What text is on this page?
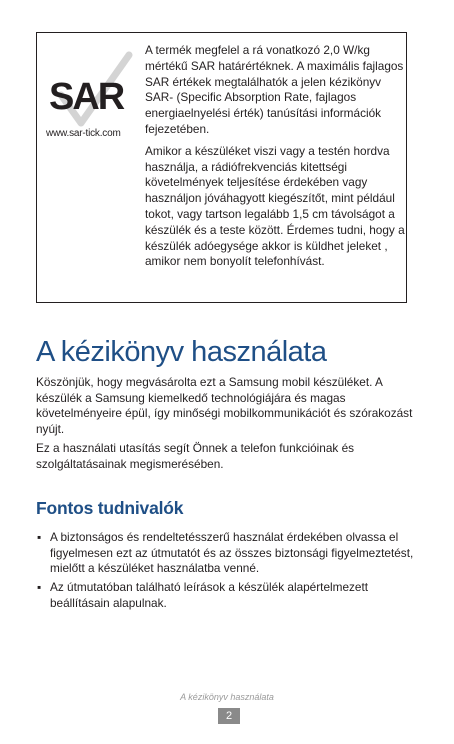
SAR
www.sar-tick.com

A termék megfelel a rá vonatkozó 2,0 W/kg mértékű SAR határértéknek. A maximális fajlagos SAR értékek megtalálhatók a jelen kézikönyv SAR- (Specific Absorption Rate, fajlagos energiaelnyelési érték) tanúsítási információk fejezetében.

Amikor a készüléket viszi vagy a testén hordva használja, a rádiófrekvenciás kitettségi követelmények teljesítése érdekében vagy használjon jóváhagyott kiegészítőt, mint például tokot, vagy tartson legalább 1,5 cm távolságot a készülék és a teste között. Érdemes tudni, hogy a készülék adóegysége akkor is küldhet jeleket , amikor nem bonyolít telefonhívást.

A kézikönyv használata

Köszönjük, hogy megvásárolta ezt a Samsung mobil készüléket. A készülék a Samsung kiemelkedő technológiájára és magas követelményeire épül, így minőségi mobilkommunikációt és szórakozást nyújt.

Ez a használati utasítás segít Önnek a telefon funkcióinak és szolgáltatásainak megismerésében.

Fontos tudnivalók
▪ A biztonságos és rendeltetésszerű használat érdekében olvassa el figyelmesen ezt az útmutatót és az összes biztonsági figyelmeztetést, mielőtt a készüléket használatba venné.
▪ Az útmutatóban található leírások a készülék alapértelmezett beállításain alapulnak.
A kézikönyv használata
2
